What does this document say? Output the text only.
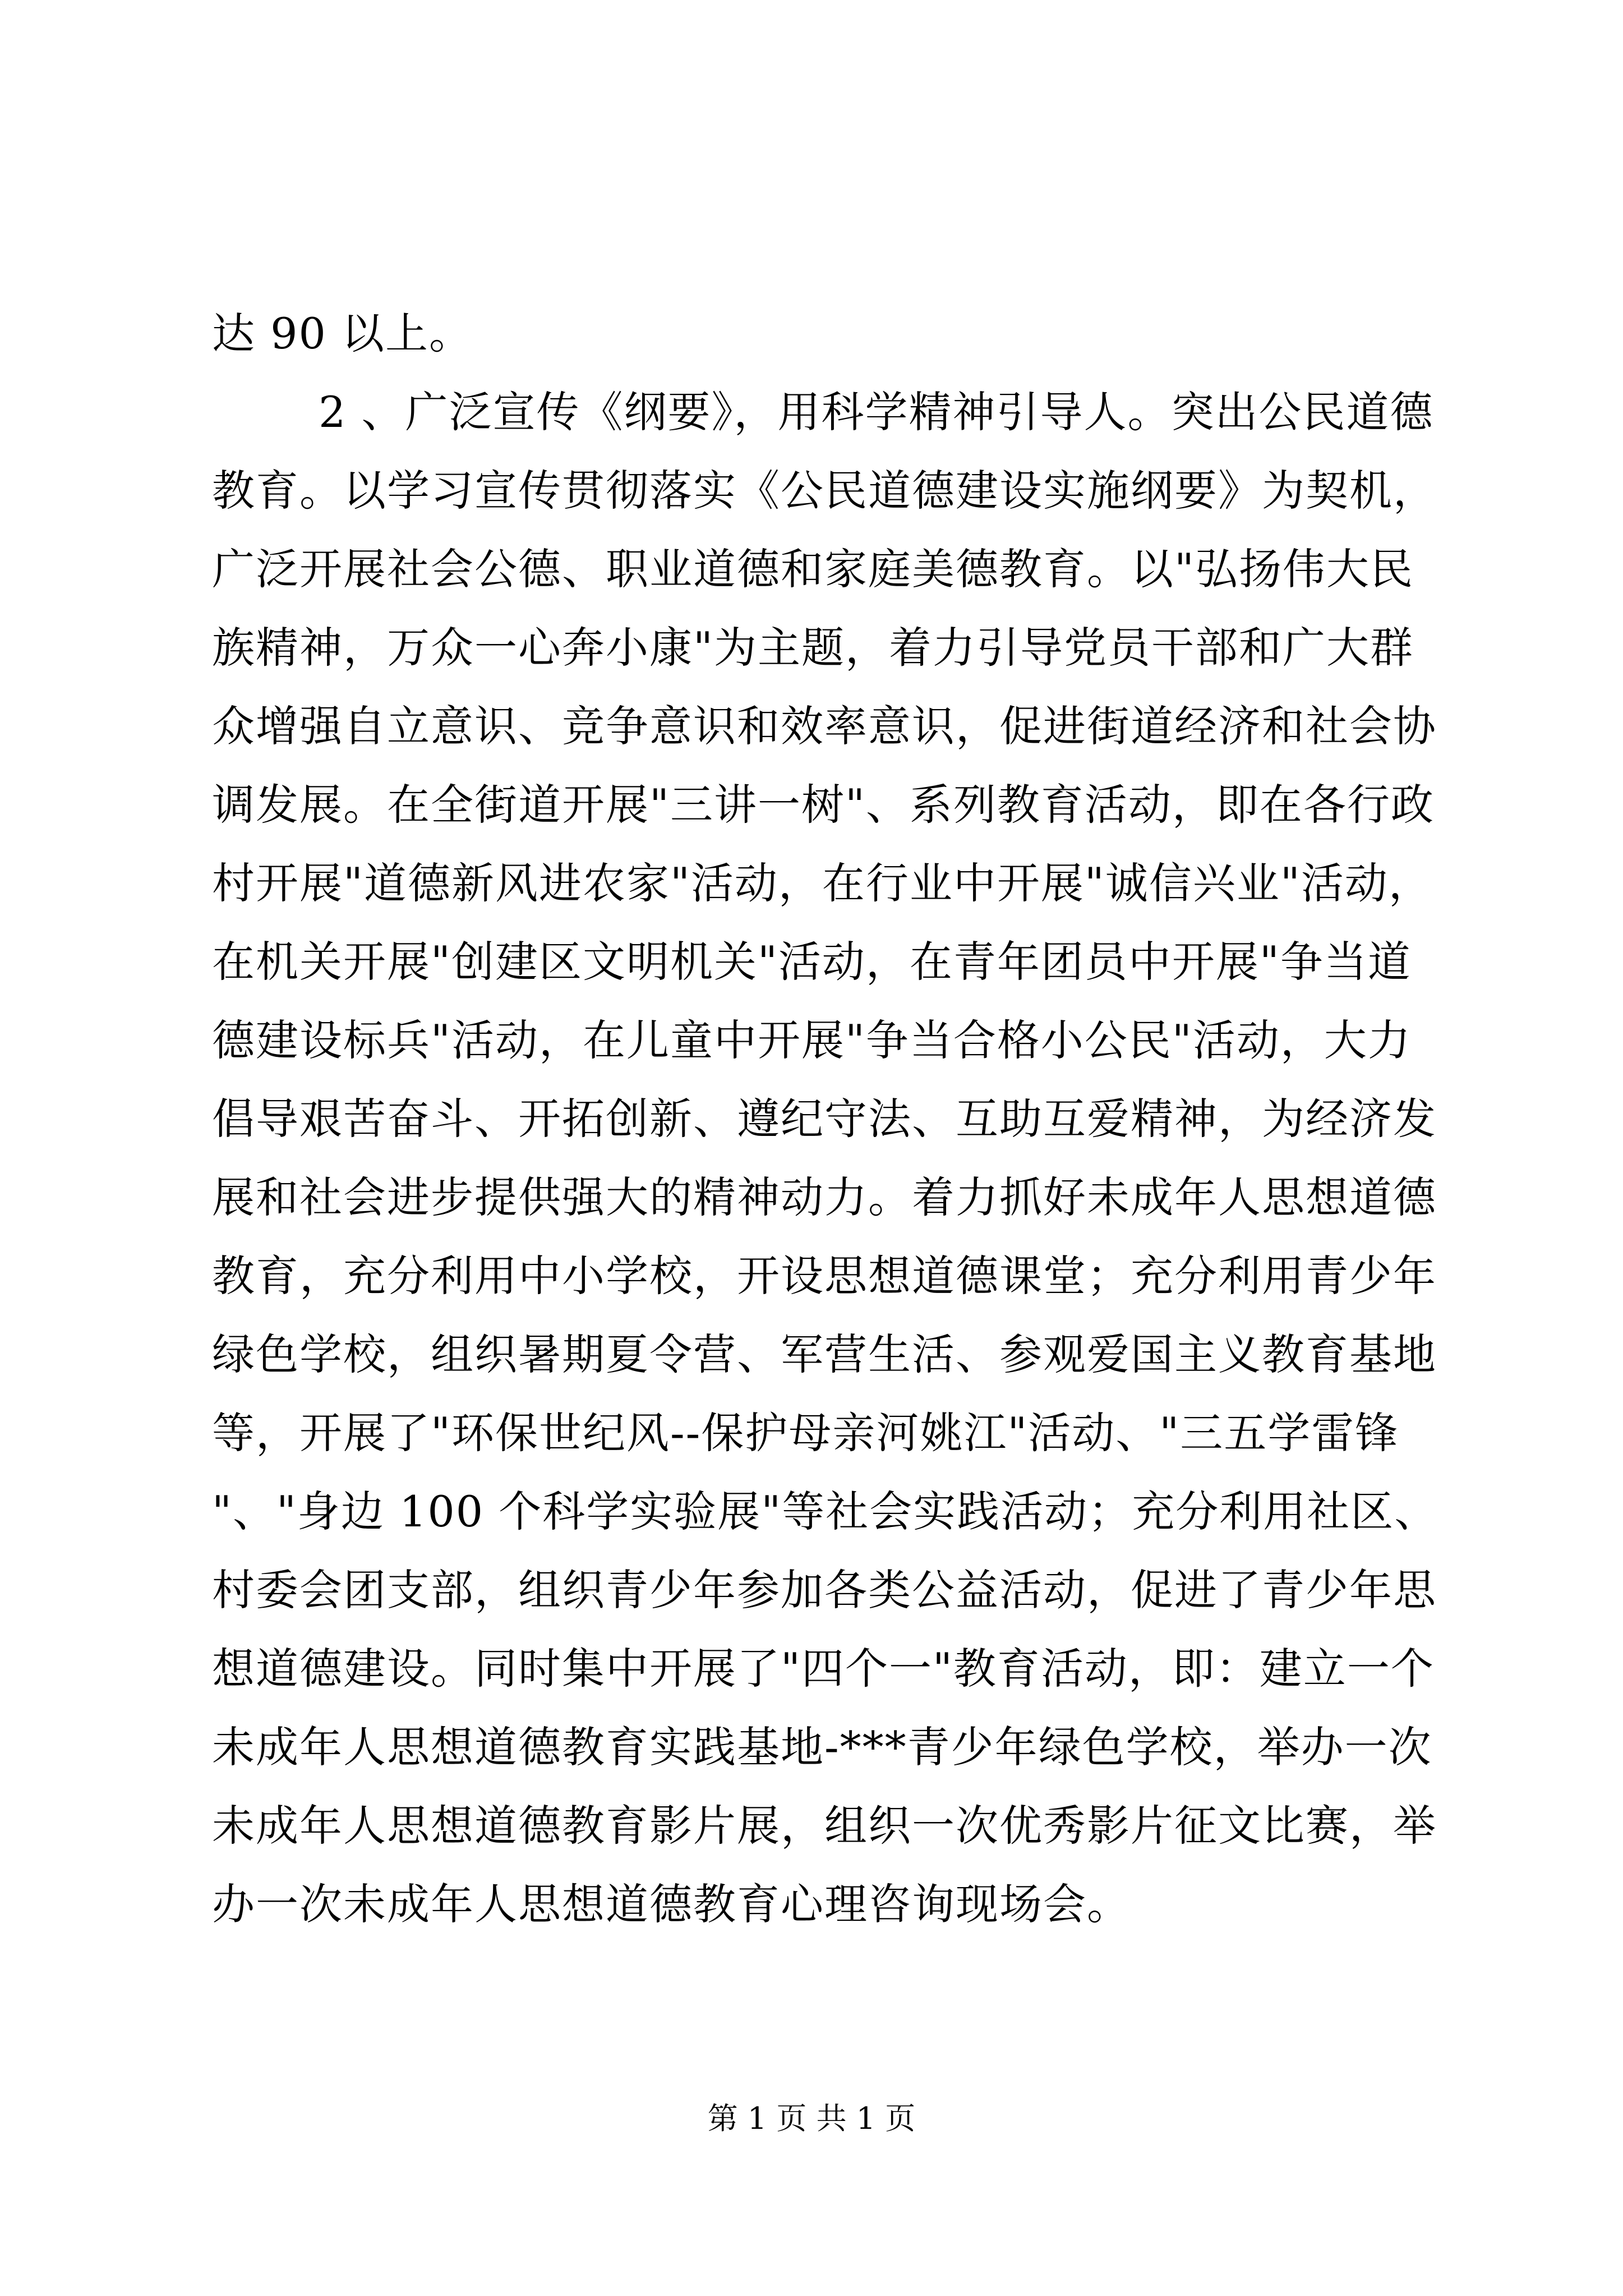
达 90 以上。
2 、广泛宣传《纲要》，用科学精神引导人。突出公民道德
教育。以学习宣传贯彻落实《公民道德建设实施纲要》为契机，
广泛开展社会公德、职业道德和家庭美德教育。以"弘扬伟大民
族精神，万众一心奔小康"为主题，着力引导党员干部和广大群
众增强自立意识、竞争意识和效率意识，促进街道经济和社会协
调发展。在全街道开展"三讲一树"、系列教育活动，即在各行政
村开展"道德新风进农家"活动，在行业中开展"诚信兴业"活动，
在机关开展"创建区文明机关"活动，在青年团员中开展"争当道
德建设标兵"活动，在儿童中开展"争当合格小公民"活动，大力
倡导艰苦奋斗、开拓创新、遵纪守法、互助互爱精神，为经济发
展和社会进步提供强大的精神动力。着力抓好未成年人思想道德
教育，充分利用中小学校，开设思想道德课堂；充分利用青少年
绿色学校，组织暑期夏令营、军营生活、参观爱国主义教育基地
等，开展了"环保世纪风--保护母亲河姚江"活动、"三五学雷锋
"、"身边 100 个科学实验展"等社会实践活动；充分利用社区、
村委会团支部，组织青少年参加各类公益活动，促进了青少年思
想道德建设。同时集中开展了"四个一"教育活动，即：建立一个
未成年人思想道德教育实践基地-***青少年绿色学校，举办一次
未成年人思想道德教育影片展，组织一次优秀影片征文比赛，举
办一次未成年人思想道德教育心理咨询现场会。
第 1 页 共 1 页
